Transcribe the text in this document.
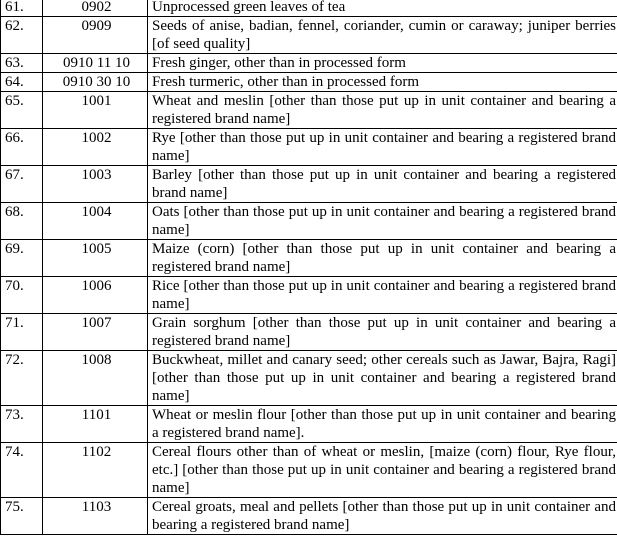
61.	0902	Unprocessed green leaves of tea
62.	0909	Seeds of anise, badian, fennel, coriander, cumin or caraway; juniper berries [of seed quality]
63.	0910 11 10	Fresh ginger, other than in processed form
64.	0910 30 10	Fresh turmeric, other than in processed form
65.	1001	Wheat and meslin [other than those put up in unit container and bearing a registered brand name]
66.	1002	Rye [other than those put up in unit container and bearing a registered brand name]
67.	1003	Barley [other than those put up in unit container and bearing a registered brand name]
68.	1004	Oats [other than those put up in unit container and bearing a registered brand name]
69.	1005	Maize (corn) [other than those put up in unit container and bearing a registered brand name]
70.	1006	Rice [other than those put up in unit container and bearing a registered brand name]
71.	1007	Grain sorghum [other than those put up in unit container and bearing a registered brand name]
72.	1008	Buckwheat, millet and canary seed; other cereals such as Jawar, Bajra, Ragi] [other than those put up in unit container and bearing a registered brand name]
73.	1101	Wheat or meslin flour [other than those put up in unit container and bearing a registered brand name].
74.	1102	Cereal flours other than of wheat or meslin, [maize (corn) flour, Rye flour, etc.] [other than those put up in unit container and bearing a registered brand name]
75.	1103	Cereal groats, meal and pellets [other than those put up in unit container and bearing a registered brand name]
